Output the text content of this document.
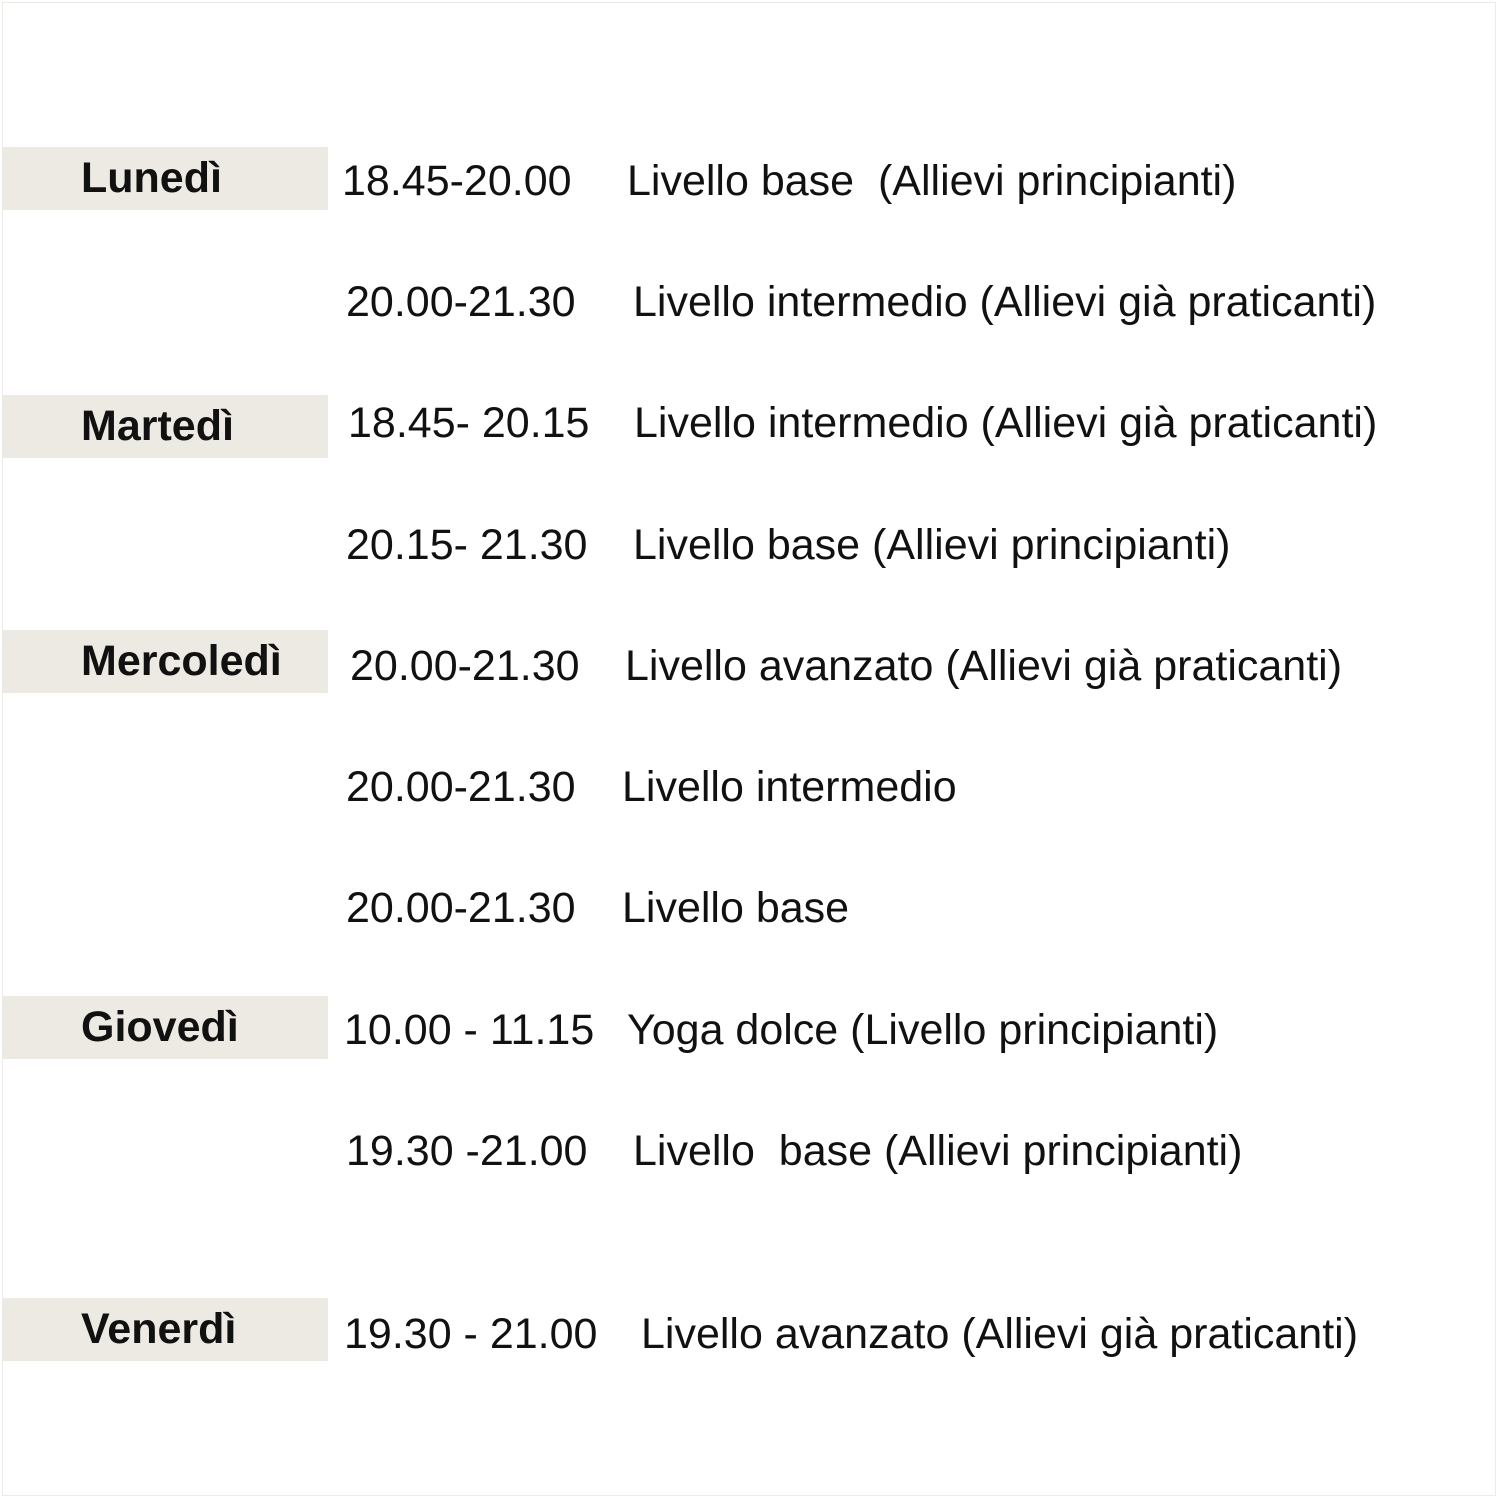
Lunedì	18.45-20.00 Livello base  (Allievi principianti)
20.00-21.30 Livello intermedio (Allievi già praticanti)
Martedì	18.45- 20.15 Livello intermedio (Allievi già praticanti)
20.15- 21.30 Livello base (Allievi principianti)
Mercoledì 20.00-21.30 Livello avanzato (Allievi già praticanti)
20.00-21.30 Livello intermedio
20.00-21.30 Livello base
Giovedì 10.00 - 11.15 Yoga dolce (Livello principianti)
19.30 -21.00 Livello  base (Allievi principianti)
Venerdì	19.30 - 21.00 Livello avanzato (Allievi già praticanti)
